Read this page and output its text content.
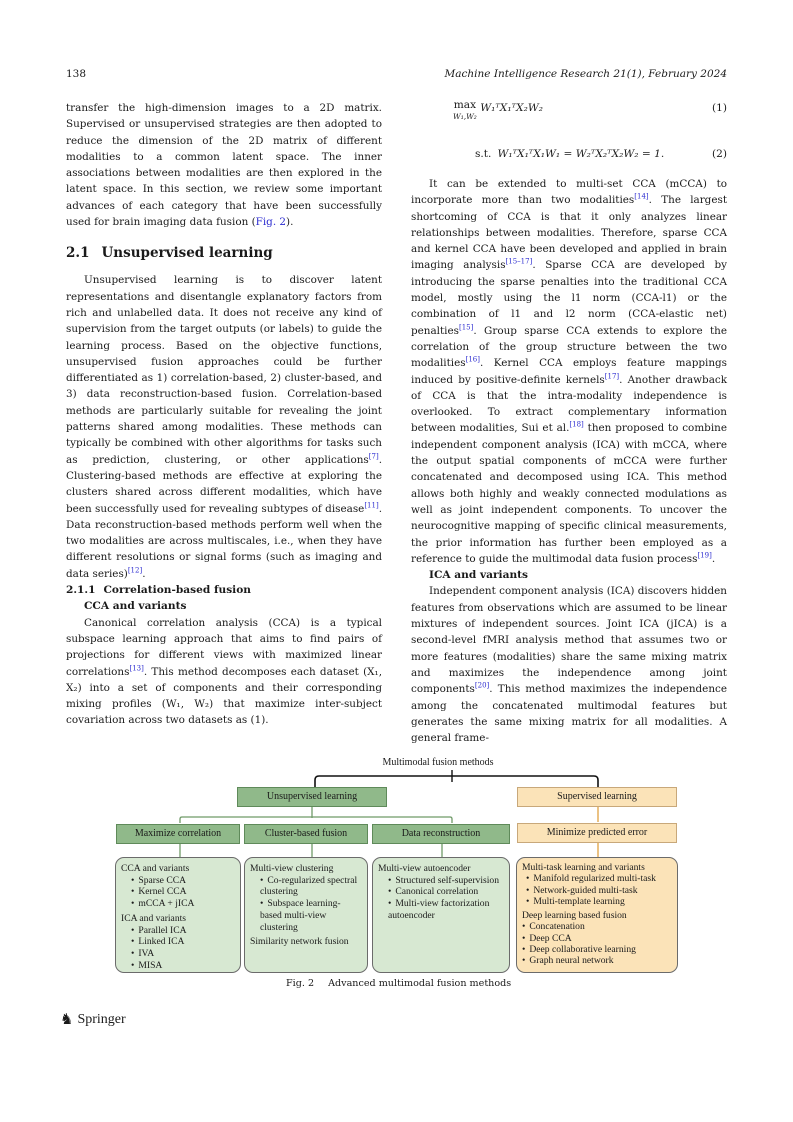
138	Machine Intelligence Research 21(1), February 2024

transfer the high-dimension images to a 2D matrix. Supervised or unsupervised strategies are then adopted to reduce the dimension of the 2D matrix of different modalities to a common latent space. The inner associations between modalities are then explored in the latent space. In this section, we review some important advances of each category that have been successfully used for brain imaging data fusion (Fig. 2).

2.1 Unsupervised learning

Unsupervised learning is to discover latent representations and disentangle explanatory factors from rich and unlabelled data. It does not receive any kind of supervision from the target outputs (or labels) to guide the learning process. Based on the objective functions, unsupervised fusion approaches could be further differentiated as 1) correlation-based, 2) cluster-based, and 3) data reconstruction-based fusion. Correlation-based methods are particularly suitable for revealing the joint patterns shared among modalities. These methods can typically be combined with other algorithms for tasks such as prediction, clustering, or other applications[7]. Clustering-based methods are effective at exploring the clusters shared across different modalities, which have been successfully used for revealing subtypes of disease[11]. Data reconstruction-based methods perform well when the two modalities are across multiscales, i.e., when they have different resolutions or signal forms (such as imaging and data series)[12].

2.1.1 Correlation-based fusion
CCA and variants

Canonical correlation analysis (CCA) is a typical subspace learning approach that aims to find pairs of projections for different views with maximized linear correlations[13]. This method decomposes each dataset (X₁, X₂) into a set of components and their corresponding mixing profiles (W₁, W₂) that maximize inter-subject covariation across two datasets as (1).

max
W₁,W₂
W₁ᵀX₁ᵀX₂W₂	(1)
s.t. W₁ᵀX₁ᵀX₁W₁ = W₂ᵀX₂ᵀX₂W₂ = 1.	(2)

It can be extended to multi-set CCA (mCCA) to incorporate more than two modalities[14]. The largest shortcoming of CCA is that it only analyzes linear relationships between modalities. Therefore, sparse CCA and kernel CCA have been developed and applied in brain imaging analysis[15–17]. Sparse CCA are developed by introducing the sparse penalties into the traditional CCA model, mostly using the l1 norm (CCA-l1) or the combination of l1 and l2 norm (CCA-elastic net) penalties[15]. Group sparse CCA extends to explore the correlation of the group structure between the two modalities[16]. Kernel CCA employs feature mappings induced by positive-definite kernels[17]. Another drawback of CCA is that the intra-modality independence is overlooked. To extract complementary information between modalities, Sui et al.[18] then proposed to combine independent component analysis (ICA) with mCCA, where the output spatial components of mCCA were further concatenated and decomposed using ICA. This method allows both highly and weakly connected modulations as well as joint independent components. To uncover the neurocognitive mapping of specific clinical measurements, the prior information has further been employed as a reference to guide the multimodal data fusion process[19].

ICA and variants

Independent component analysis (ICA) discovers hidden features from observations which are assumed to be linear mixtures of independent sources. Joint ICA (jICA) is a second-level fMRI analysis method that assumes two or more features (modalities) share the same mixing matrix and maximizes the independence among joint components[20]. This method maximizes the independence among the concatenated multimodal features but generates the same mixing matrix for all modalities. A general frame-

Multimodal fusion methods
Unsupervised learning	Supervised learning
Maximize correlation	Cluster-based fusion	Data reconstruction	Minimize predicted error
CCA and variants
• Sparse CCA
• Kernel CCA
• mCCA + jICA
ICA and variants
• Parallel ICA
• Linked ICA
• IVA
• MISA
Multi-view clustering
• Co-regularized spectral clustering
• Subspace learning-based multi-view clustering
Similarity network fusion
Multi-view autoencoder
• Structured self-supervision
• Canonical correlation
• Multi-view factorization autoencoder
Multi-task learning and variants
• Manifold regularized multi-task
• Network-guided multi-task
• Multi-template learning
Deep learning based fusion
• Concatenation
• Deep CCA
• Deep collaborative learning
• Graph neural network
Fig. 2 Advanced multimodal fusion methods
♞ Springer
